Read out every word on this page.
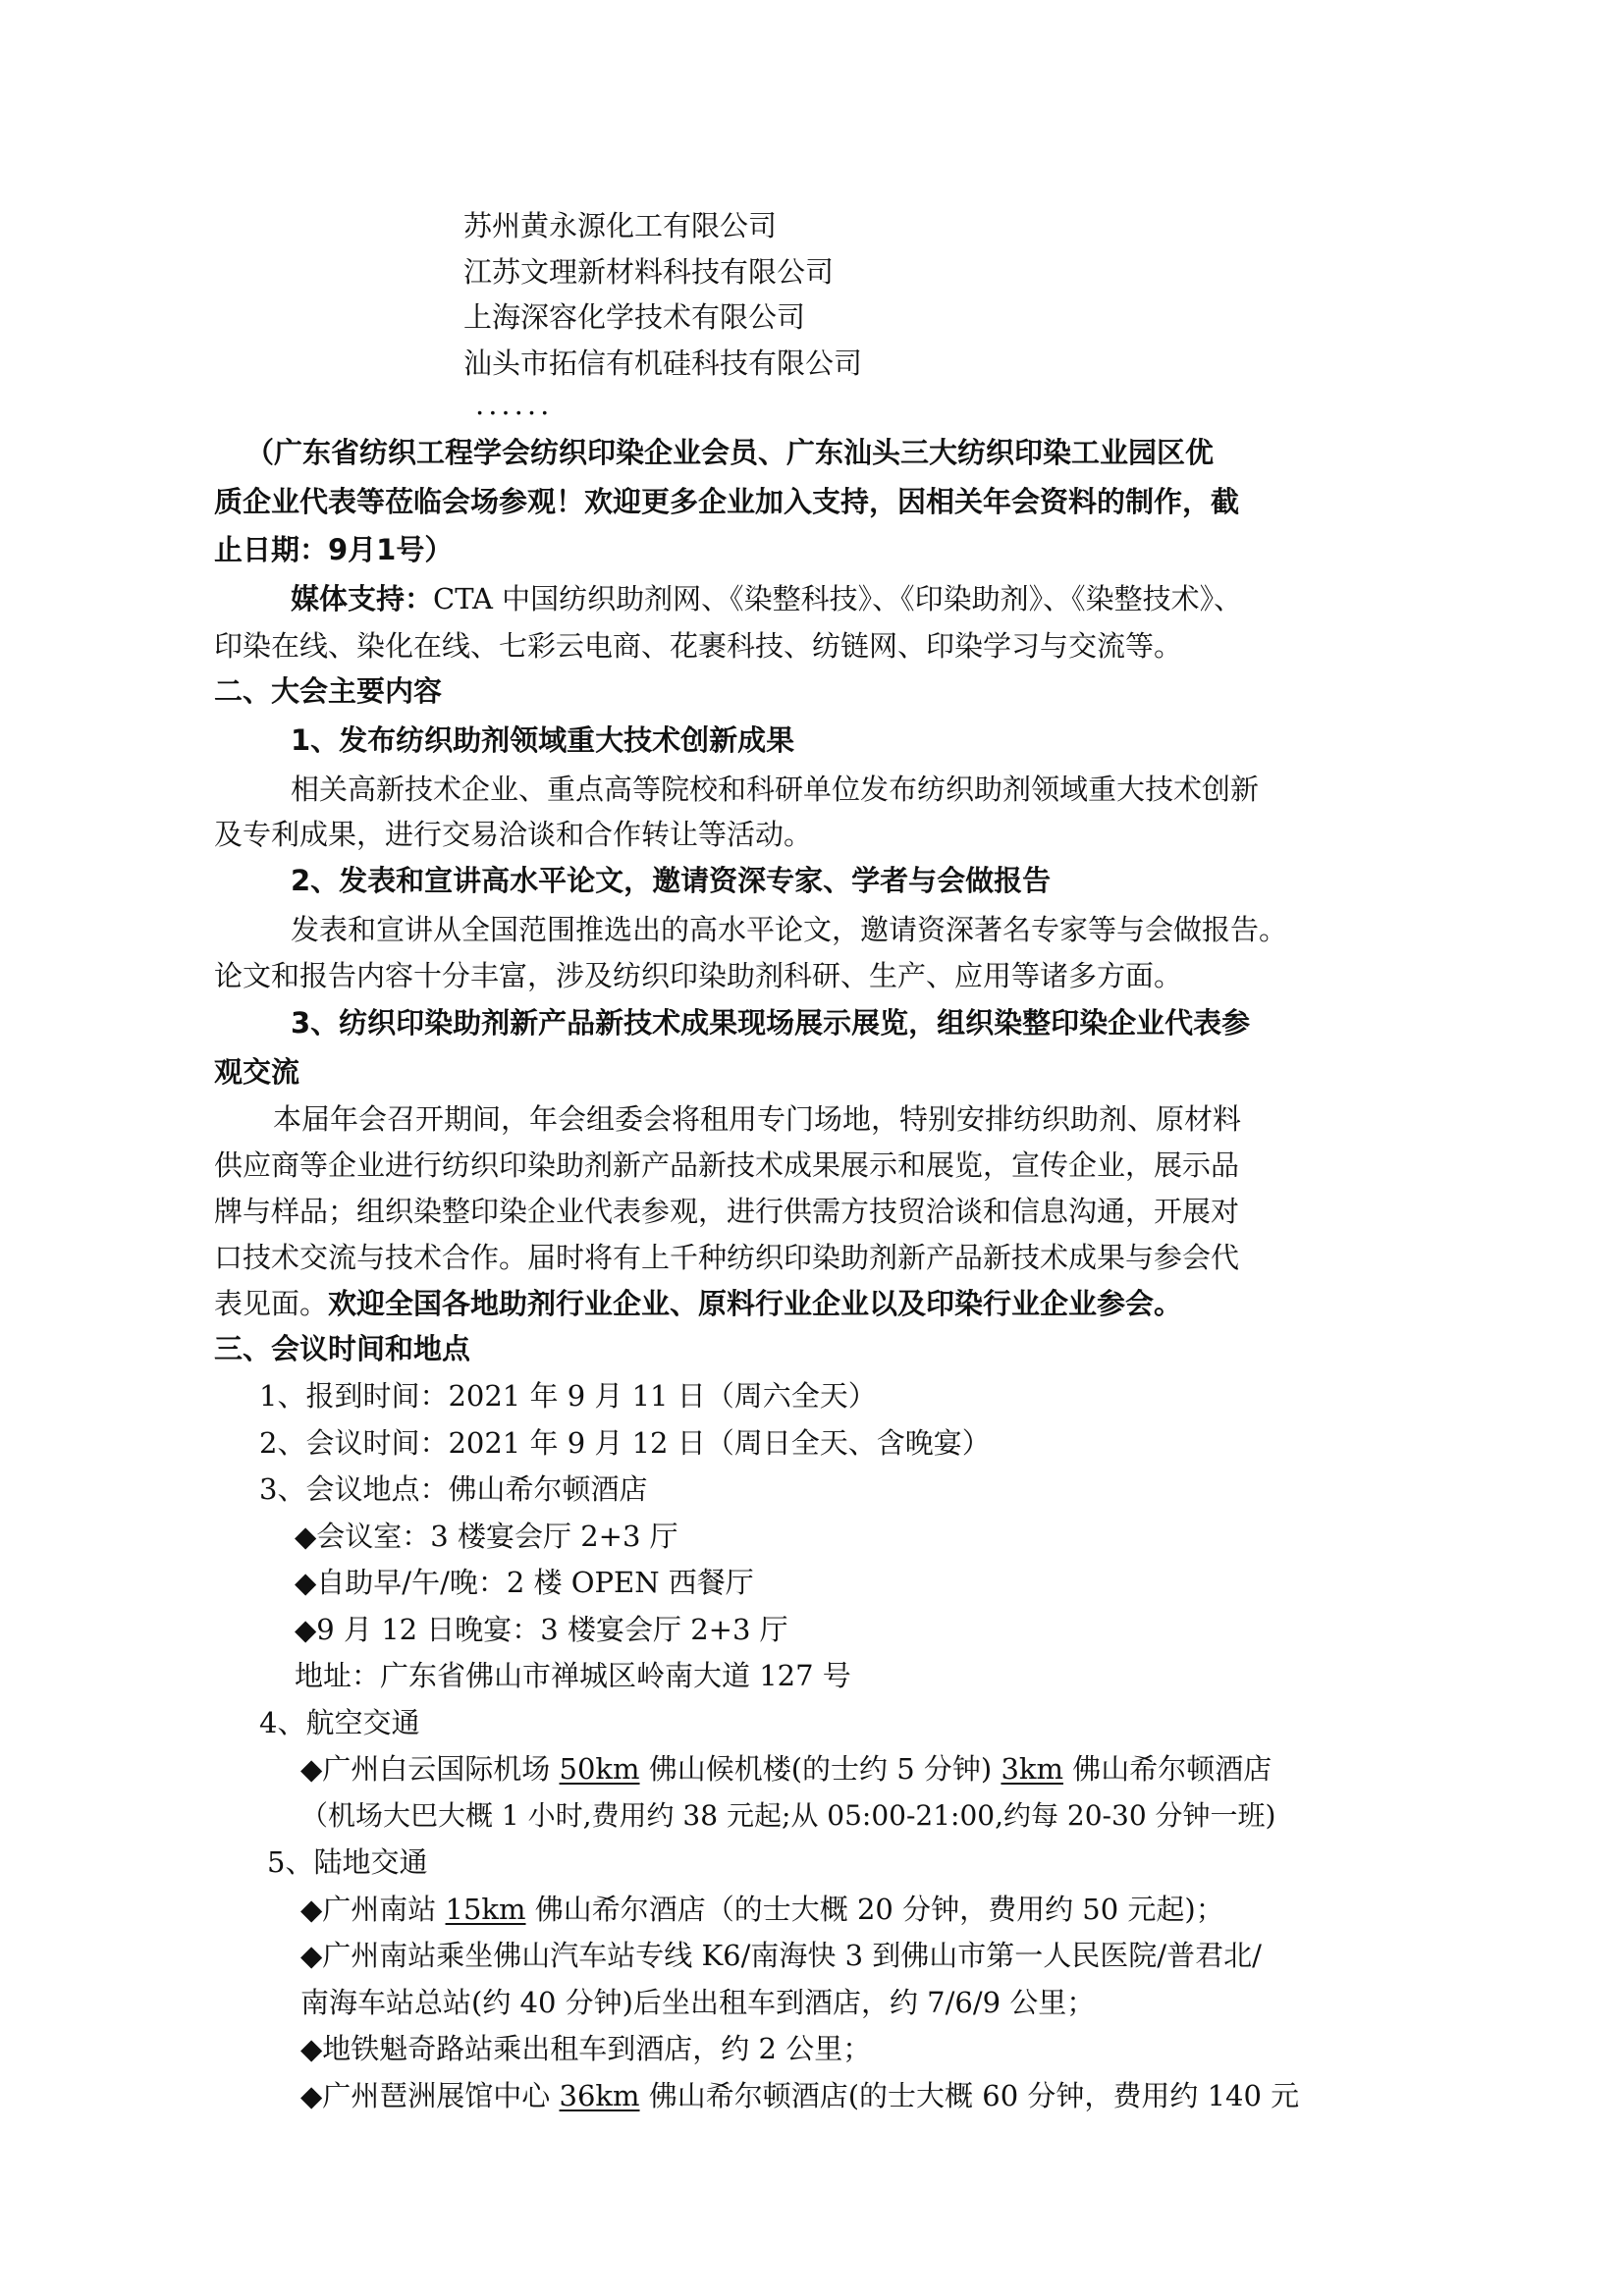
苏州黄永源化工有限公司
江苏文理新材料科技有限公司
上海深容化学技术有限公司
汕头市拓信有机硅科技有限公司
......
（广东省纺织工程学会纺织印染企业会员、广东汕头三大纺织印染工业园区优
质企业代表等莅临会场参观！欢迎更多企业加入支持，因相关年会资料的制作，截
止日期：9月1号）
媒体支持：CTA 中国纺织助剂网、《染整科技》、《印染助剂》、《染整技术》、
印染在线、染化在线、七彩云电商、花裹科技、纺链网、印染学习与交流等。
二、大会主要内容
1、发布纺织助剂领域重大技术创新成果
相关高新技术企业、重点高等院校和科研单位发布纺织助剂领域重大技术创新
及专利成果，进行交易洽谈和合作转让等活动。
2、发表和宣讲高水平论文，邀请资深专家、学者与会做报告
发表和宣讲从全国范围推选出的高水平论文，邀请资深著名专家等与会做报告。
论文和报告内容十分丰富，涉及纺织印染助剂科研、生产、应用等诸多方面。
3、纺织印染助剂新产品新技术成果现场展示展览，组织染整印染企业代表参
观交流
本届年会召开期间，年会组委会将租用专门场地，特别安排纺织助剂、原材料
供应商等企业进行纺织印染助剂新产品新技术成果展示和展览，宣传企业，展示品
牌与样品；组织染整印染企业代表参观，进行供需方技贸洽谈和信息沟通，开展对
口技术交流与技术合作。届时将有上千种纺织印染助剂新产品新技术成果与参会代
表见面。欢迎全国各地助剂行业企业、原料行业企业以及印染行业企业参会。
三、会议时间和地点
1、报到时间：2021 年 9 月 11 日（周六全天）
2、会议时间：2021 年 9 月 12 日（周日全天、含晚宴）
3、会议地点：佛山希尔顿酒店
◆会议室：3 楼宴会厅 2+3 厅
◆自助早/午/晚：2 楼 OPEN 西餐厅
◆9 月 12 日晚宴：3 楼宴会厅 2+3 厅
地址：广东省佛山市禅城区岭南大道 127 号
4、航空交通
◆广州白云国际机场 50km 佛山候机楼(的士约 5 分钟) 3km 佛山希尔顿酒店
（机场大巴大概 1 小时,费用约 38 元起;从 05:00-21:00,约每 20-30 分钟一班)
5、陆地交通
◆广州南站 15km 佛山希尔酒店（的士大概 20 分钟，费用约 50 元起)；
◆广州南站乘坐佛山汽车站专线 K6/南海快 3 到佛山市第一人民医院/普君北/
南海车站总站(约 40 分钟)后坐出租车到酒店，约 7/6/9 公里；
◆地铁魁奇路站乘出租车到酒店，约 2 公里；
◆广州琶洲展馆中心 36km 佛山希尔顿酒店(的士大概 60 分钟，费用约 140 元
